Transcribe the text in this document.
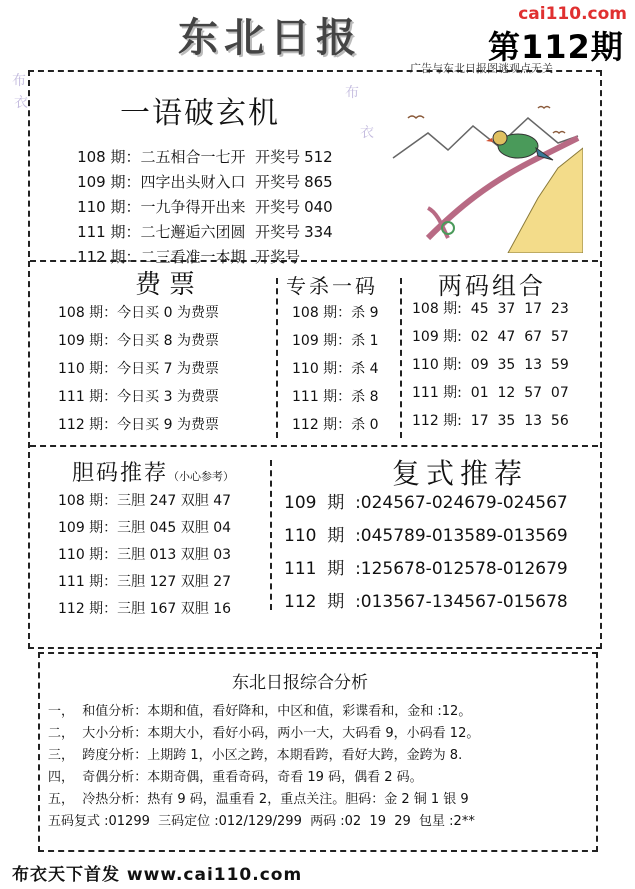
东北日报
cai110.com
第112期
广告与东北日报图谜观点无关
布
衣
布
衣
一语破玄机

108 期：二五相合一七开 开奖号 512

109 期：四字出头财入口 开奖号 865

110 期：一九争得开出来 开奖号 040

111 期：二七邂逅六团圆 开奖号 334

112 期：二三看准一本期 开奖号

费票
108 期：今日买 0 为费票
109 期：今日买 8 为费票
110 期：今日买 7 为费票
111 期：今日买 3 为费票
112 期：今日买 9 为费票
专杀一码
108 期：杀 9
109 期：杀 1
110 期：杀 4
111 期：杀 8
112 期：杀 0
两码组合
108 期:  45  37  17  23
109 期:  02  47  67  57
110 期:  09  35  13  59
111 期:  01  12  57  07
112 期:  17  35  13  56
胆码推荐（小心参考）
108 期：三胆 247 双胆 47
109 期：三胆 045 双胆 04
110 期：三胆 013 双胆 03
111 期：三胆 127 双胆 27
112 期：三胆 167 双胆 16
复式推荐
109  期  :024567-024679-024567
110  期  :045789-013589-013569
111  期  :125678-012578-012679
112  期  :013567-134567-015678
东北日报综合分析
一，  和值分析：本期和值，看好降和，中区和值，彩谍看和，金和 :12。
二，  大小分析：本期大小，看好小码，两小一大，大码看 9，小码看 12。
三，  跨度分析：上期跨 1，小区之跨，本期看跨，看好大跨，金跨为 8.
四，  奇偶分析：本期奇偶，重看奇码，奇看 19 码，偶看 2 码。
五，  冷热分析：热有 9 码，温重看 2，重点关注。胆码：金 2 铜 1 银 9
五码复式 :01299  三码定位 :012/129/299  两码 :02  19  29  包星 :2**
布衣天下首发 www.cai110.com
